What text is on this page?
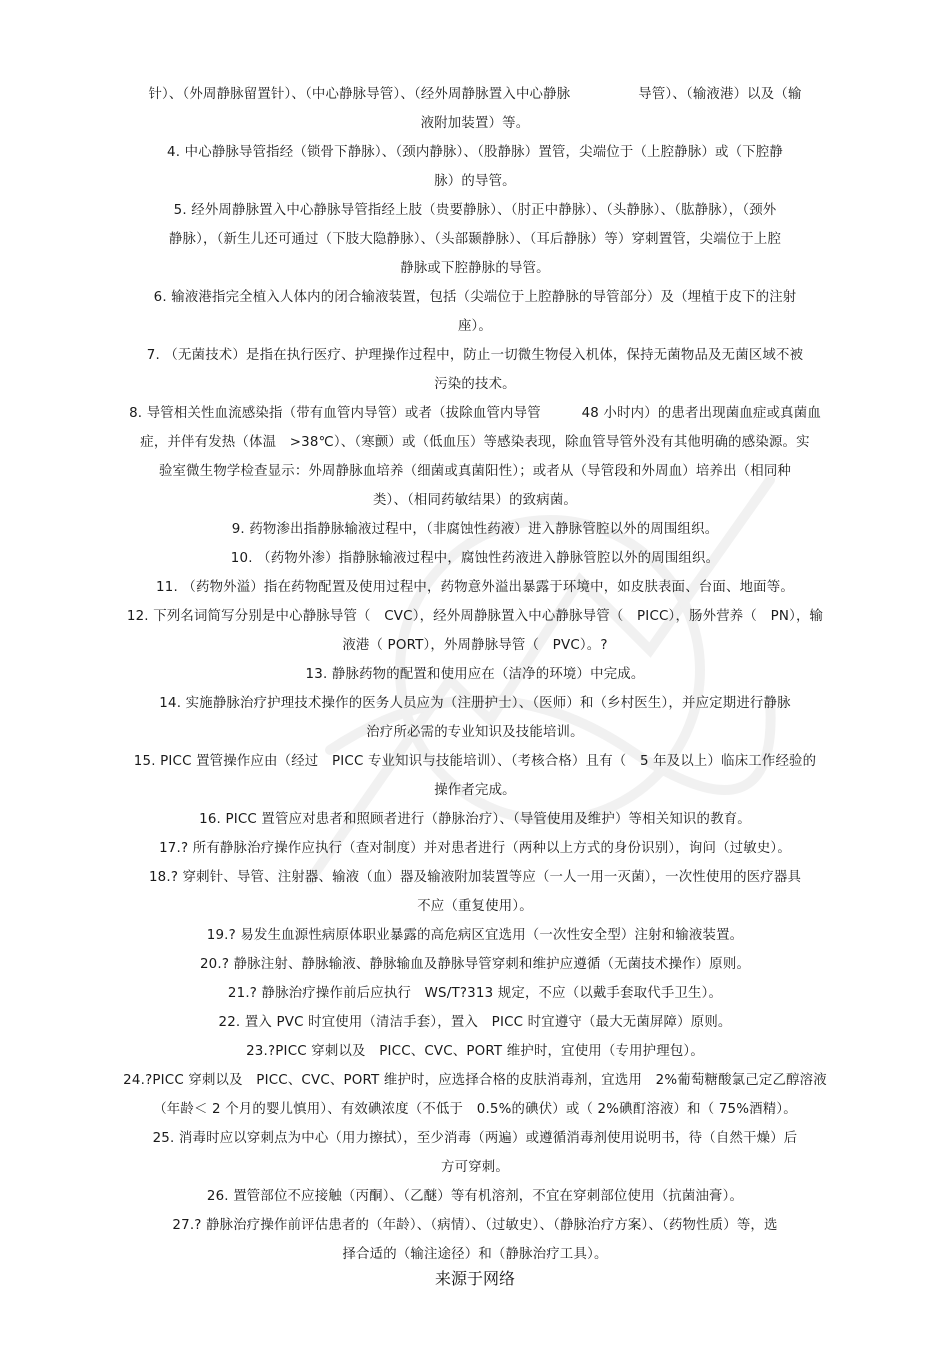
针）、（外周静脉留置针）、（中心静脉导管）、（经外周静脉置入中心静脉　　　　　导管）、（输液港）以及（输
液附加装置）等。
4. 中心静脉导管指经（锁骨下静脉）、（颈内静脉）、（股静脉）置管，尖端位于（上腔静脉）或（下腔静
脉）的导管。
5. 经外周静脉置入中心静脉导管指经上肢（贵要静脉）、（肘正中静脉）、（头静脉）、（肱静脉），（颈外
静脉），（新生儿还可通过（下肢大隐静脉）、（头部颞静脉）、（耳后静脉）等）穿刺置管，尖端位于上腔
静脉或下腔静脉的导管。
6. 输液港指完全植入人体内的闭合输液装置，包括（尖端位于上腔静脉的导管部分）及（埋植于皮下的注射
座）。
7. （无菌技术）是指在执行医疗、护理操作过程中，防止一切微生物侵入机体，保持无菌物品及无菌区域不被
污染的技术。
8. 导管相关性血流感染指（带有血管内导管）或者（拔除血管内导管　　　48 小时内）的患者出现菌血症或真菌血
症，并伴有发热（体温　>38℃）、（寒颤）或（低血压）等感染表现，除血管导管外没有其他明确的感染源。实
验室微生物学检查显示：外周静脉血培养（细菌或真菌阳性）；或者从（导管段和外周血）培养出（相同种
类）、（相同药敏结果）的致病菌。
9. 药物渗出指静脉输液过程中，（非腐蚀性药液）进入静脉管腔以外的周围组织。
10. （药物外渗）指静脉输液过程中，腐蚀性药液进入静脉管腔以外的周围组织。
11. （药物外溢）指在药物配置及使用过程中，药物意外溢出暴露于环境中，如皮肤表面、台面、地面等。
12. 下列名词简写分别是中心静脉导管（　CVC），经外周静脉置入中心静脉导管（　PICC），肠外营养（　PN），输
液港（ PORT），外周静脉导管（　PVC）。?
13. 静脉药物的配置和使用应在（洁净的环境）中完成。
14. 实施静脉治疗护理技术操作的医务人员应为（注册护士）、（医师）和（乡村医生），并应定期进行静脉
治疗所必需的专业知识及技能培训。
15. PICC 置管操作应由（经过　PICC 专业知识与技能培训）、（考核合格）且有（　5 年及以上）临床工作经验的
操作者完成。
16. PICC 置管应对患者和照顾者进行（静脉治疗）、（导管使用及维护）等相关知识的教育。
17.? 所有静脉治疗操作应执行（查对制度）并对患者进行（两种以上方式的身份识别），询问（过敏史）。
18.? 穿刺针、导管、注射器、输液（血）器及输液附加装置等应（一人一用一灭菌），一次性使用的医疗器具
不应（重复使用）。
19.? 易发生血源性病原体职业暴露的高危病区宜选用（一次性安全型）注射和输液装置。
20.? 静脉注射、静脉输液、静脉输血及静脉导管穿刺和维护应遵循（无菌技术操作）原则。
21.? 静脉治疗操作前后应执行　WS/T?313 规定，不应（以戴手套取代手卫生）。
22. 置入 PVC 时宜使用（清洁手套），置入　PICC 时宜遵守（最大无菌屏障）原则。
23.?PICC 穿刺以及　PICC、CVC、PORT 维护时，宜使用（专用护理包）。
24.?PICC 穿刺以及　PICC、CVC、PORT 维护时，应选择合格的皮肤消毒剂，宜选用　2%葡萄糖酸氯己定乙醇溶液
（年龄＜ 2 个月的婴儿慎用）、有效碘浓度（不低于　0.5%的碘伏）或（ 2%碘酊溶液）和（ 75%酒精）。
25. 消毒时应以穿刺点为中心（用力擦拭），至少消毒（两遍）或遵循消毒剂使用说明书，待（自然干燥）后
方可穿刺。
26. 置管部位不应接触（丙酮）、（乙醚）等有机溶剂，不宜在穿刺部位使用（抗菌油膏）。
27.? 静脉治疗操作前评估患者的（年龄）、（病情）、（过敏史）、（静脉治疗方案）、（药物性质）等，选
择合适的（输注途径）和（静脉治疗工具）。
来源于网络
